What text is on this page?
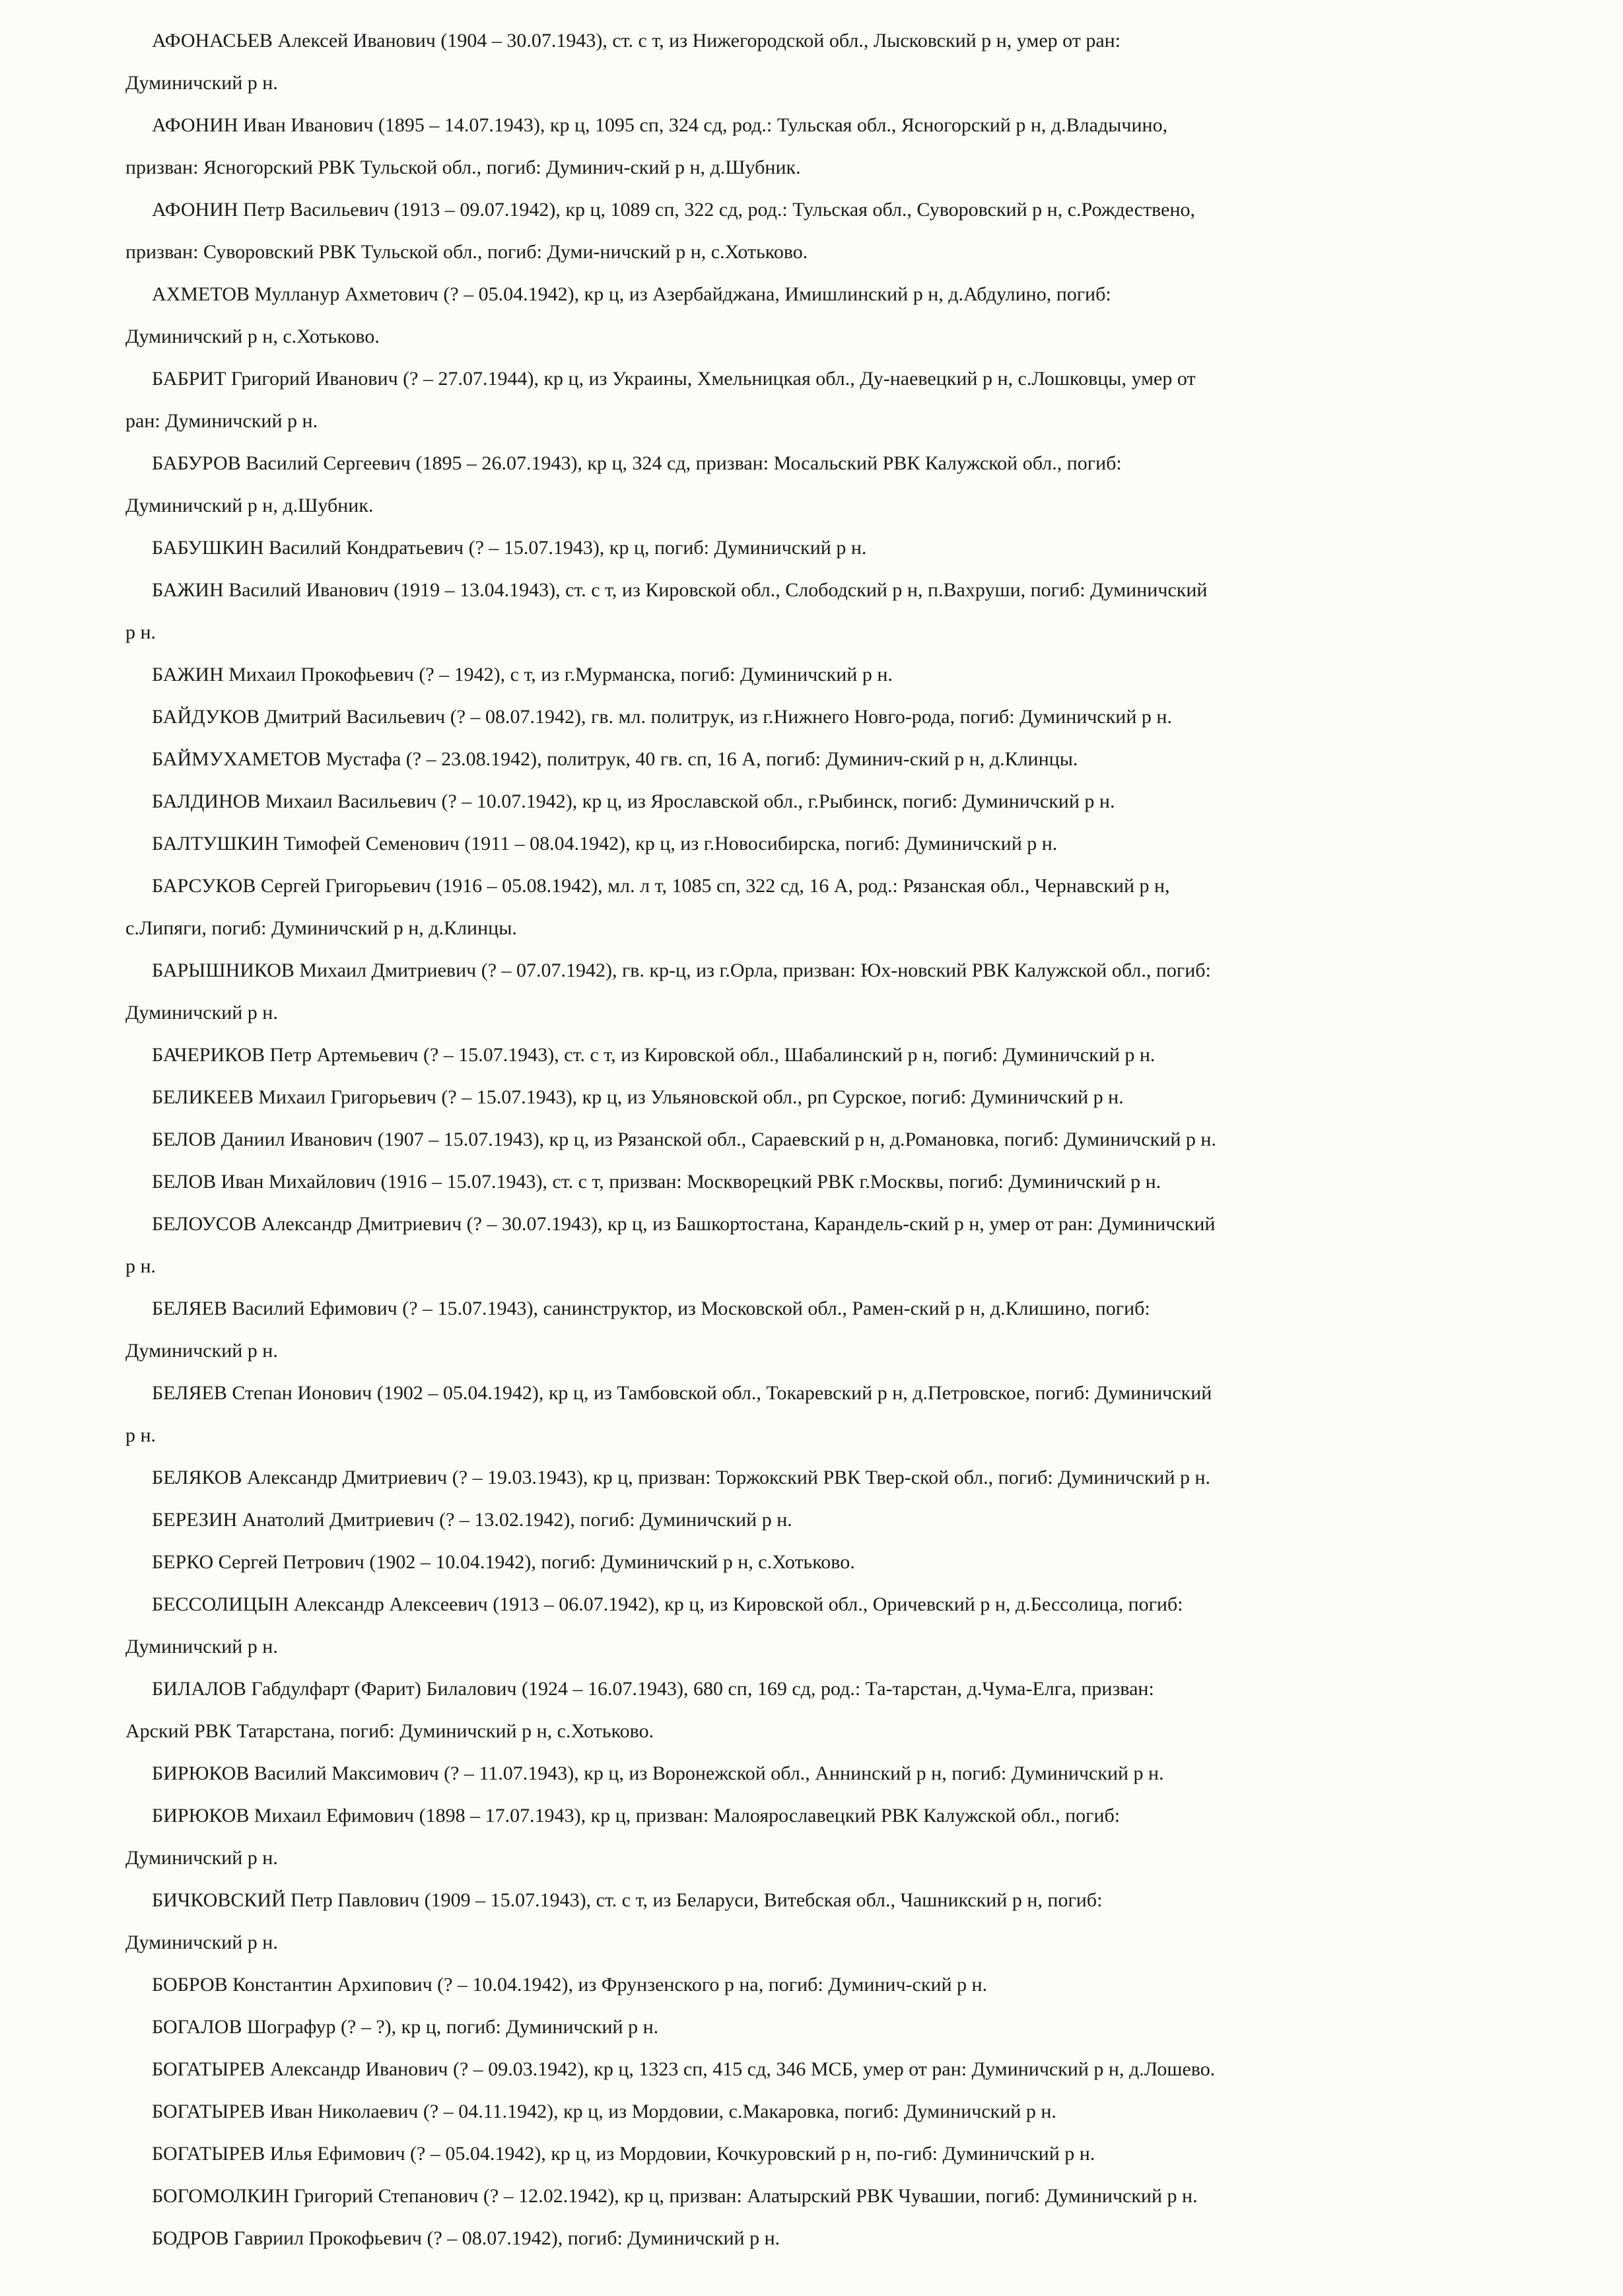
АФОНАСЬЕВ Алексей Иванович (1904 – 30.07.1943), ст. с т, из Нижегородской обл., Лысковский р н, умер от ран:

Думиничский р н.

АФОНИН Иван Иванович (1895 – 14.07.1943), кр ц, 1095 сп, 324 сд, род.: Тульская обл., Ясногорский р н, д.Владычино,

призван: Ясногорский РВК Тульской обл., погиб: Думинич-ский р н, д.Шубник.

АФОНИН Петр Васильевич (1913 – 09.07.1942), кр ц, 1089 сп, 322 сд, род.: Тульская обл., Суворовский р н, с.Рождествено,

призван: Суворовский РВК Тульской обл., погиб: Думи-ничский р н, с.Хотьково.

АХМЕТОВ Мулланур Ахметович (? – 05.04.1942), кр ц, из Азербайджана, Имишлинский р н, д.Абдулино, погиб:

Думиничский р н, с.Хотьково.

БАБРИТ Григорий Иванович (? – 27.07.1944), кр ц, из Украины, Хмельницкая обл., Ду-наевецкий р н, с.Лошковцы, умер от

ран: Думиничский р н.

БАБУРОВ Василий Сергеевич (1895 – 26.07.1943), кр ц, 324 сд, призван: Мосальский РВК Калужской обл., погиб:

Думиничский р н, д.Шубник.

БАБУШКИН Василий Кондратьевич (? – 15.07.1943), кр ц, погиб: Думиничский р н.

БАЖИН Василий Иванович (1919 – 13.04.1943), ст. с т, из Кировской обл., Слободский р н, п.Вахруши, погиб: Думиничский

р н.

БАЖИН Михаил Прокофьевич (? – 1942), с т, из г.Мурманска, погиб: Думиничский р н.

БАЙДУКОВ Дмитрий Васильевич (? – 08.07.1942), гв. мл. политрук, из г.Нижнего Новго-рода, погиб: Думиничский р н.

БАЙМУХАМЕТОВ Мустафа (? – 23.08.1942), политрук, 40 гв. сп, 16 А, погиб: Думинич-ский р н, д.Клинцы.

БАЛДИНОВ Михаил Васильевич (? – 10.07.1942), кр ц, из Ярославской обл., г.Рыбинск, погиб: Думиничский р н.

БАЛТУШКИН Тимофей Семенович (1911 – 08.04.1942), кр ц, из г.Новосибирска, погиб: Думиничский р н.

БАРСУКОВ Сергей Григорьевич (1916 – 05.08.1942), мл. л т, 1085 сп, 322 сд, 16 А, род.: Рязанская обл., Чернавский р н,

с.Липяги, погиб: Думиничский р н, д.Клинцы.

БАРЫШНИКОВ Михаил Дмитриевич (? – 07.07.1942), гв. кр-ц, из г.Орла, призван: Юх-новский РВК Калужской обл., погиб:

Думиничский р н.

БАЧЕРИКОВ Петр Артемьевич (? – 15.07.1943), ст. с т, из Кировской обл., Шабалинский р н, погиб: Думиничский р н.

БЕЛИКЕЕВ Михаил Григорьевич (? – 15.07.1943), кр ц, из Ульяновской обл., рп Сурское, погиб: Думиничский р н.

БЕЛОВ Даниил Иванович (1907 – 15.07.1943), кр ц, из Рязанской обл., Сараевский р н, д.Романовка, погиб: Думиничский р н.

БЕЛОВ Иван Михайлович (1916 – 15.07.1943), ст. с т, призван: Москворецкий РВК г.Москвы, погиб: Думиничский р н.

БЕЛОУСОВ Александр Дмитриевич (? – 30.07.1943), кр ц, из Башкортостана, Карандель-ский р н, умер от ран: Думиничский

р н.

БЕЛЯЕВ Василий Ефимович (? – 15.07.1943), санинструктор, из Московской обл., Рамен-ский р н, д.Клишино, погиб:

Думиничский р н.

БЕЛЯЕВ Степан Ионович (1902 – 05.04.1942), кр ц, из Тамбовской обл., Токаревский р н, д.Петровское, погиб: Думиничский

р н.

БЕЛЯКОВ Александр Дмитриевич (? – 19.03.1943), кр ц, призван: Торжокский РВК Твер-ской обл., погиб: Думиничский р н.

БЕРЕЗИН Анатолий Дмитриевич (? – 13.02.1942), погиб: Думиничский р н.

БЕРКО Сергей Петрович (1902 – 10.04.1942), погиб: Думиничский р н, с.Хотьково.

БЕССОЛИЦЫН Александр Алексеевич (1913 – 06.07.1942), кр ц, из Кировской обл., Оричевский р н, д.Бессолица, погиб:

Думиничский р н.

БИЛАЛОВ Габдулфарт (Фарит) Билалович (1924 – 16.07.1943), 680 сп, 169 сд, род.: Та-тарстан, д.Чума-Елга, призван:

Арский РВК Татарстана, погиб: Думиничский р н, с.Хотьково.

БИРЮКОВ Василий Максимович (? – 11.07.1943), кр ц, из Воронежской обл., Аннинский р н, погиб: Думиничский р н.

БИРЮКОВ Михаил Ефимович (1898 – 17.07.1943), кр ц, призван: Малоярославецкий РВК Калужской обл., погиб:

Думиничский р н.

БИЧКОВСКИЙ Петр Павлович (1909 – 15.07.1943), ст. с т, из Беларуси, Витебская обл., Чашникский р н, погиб:

Думиничский р н.

БОБРОВ Константин Архипович (? – 10.04.1942), из Фрунзенского р на, погиб: Думинич-ский р н.

БОГАЛОВ Шографур (? – ?), кр ц, погиб: Думиничский р н.

БОГАТЫРЕВ Александр Иванович (? – 09.03.1942), кр ц, 1323 сп, 415 сд, 346 МСБ, умер от ран: Думиничский р н, д.Лошево.

БОГАТЫРЕВ Иван Николаевич (? – 04.11.1942), кр ц, из Мордовии, с.Макаровка, погиб: Думиничский р н.

БОГАТЫРЕВ Илья Ефимович (? – 05.04.1942), кр ц, из Мордовии, Кочкуровский р н, по-гиб: Думиничский р н.

БОГОМОЛКИН Григорий Степанович (? – 12.02.1942), кр ц, призван: Алатырский РВК Чувашии, погиб: Думиничский р н.

БОДРОВ Гавриил Прокофьевич (? – 08.07.1942), погиб: Думиничский р н.
